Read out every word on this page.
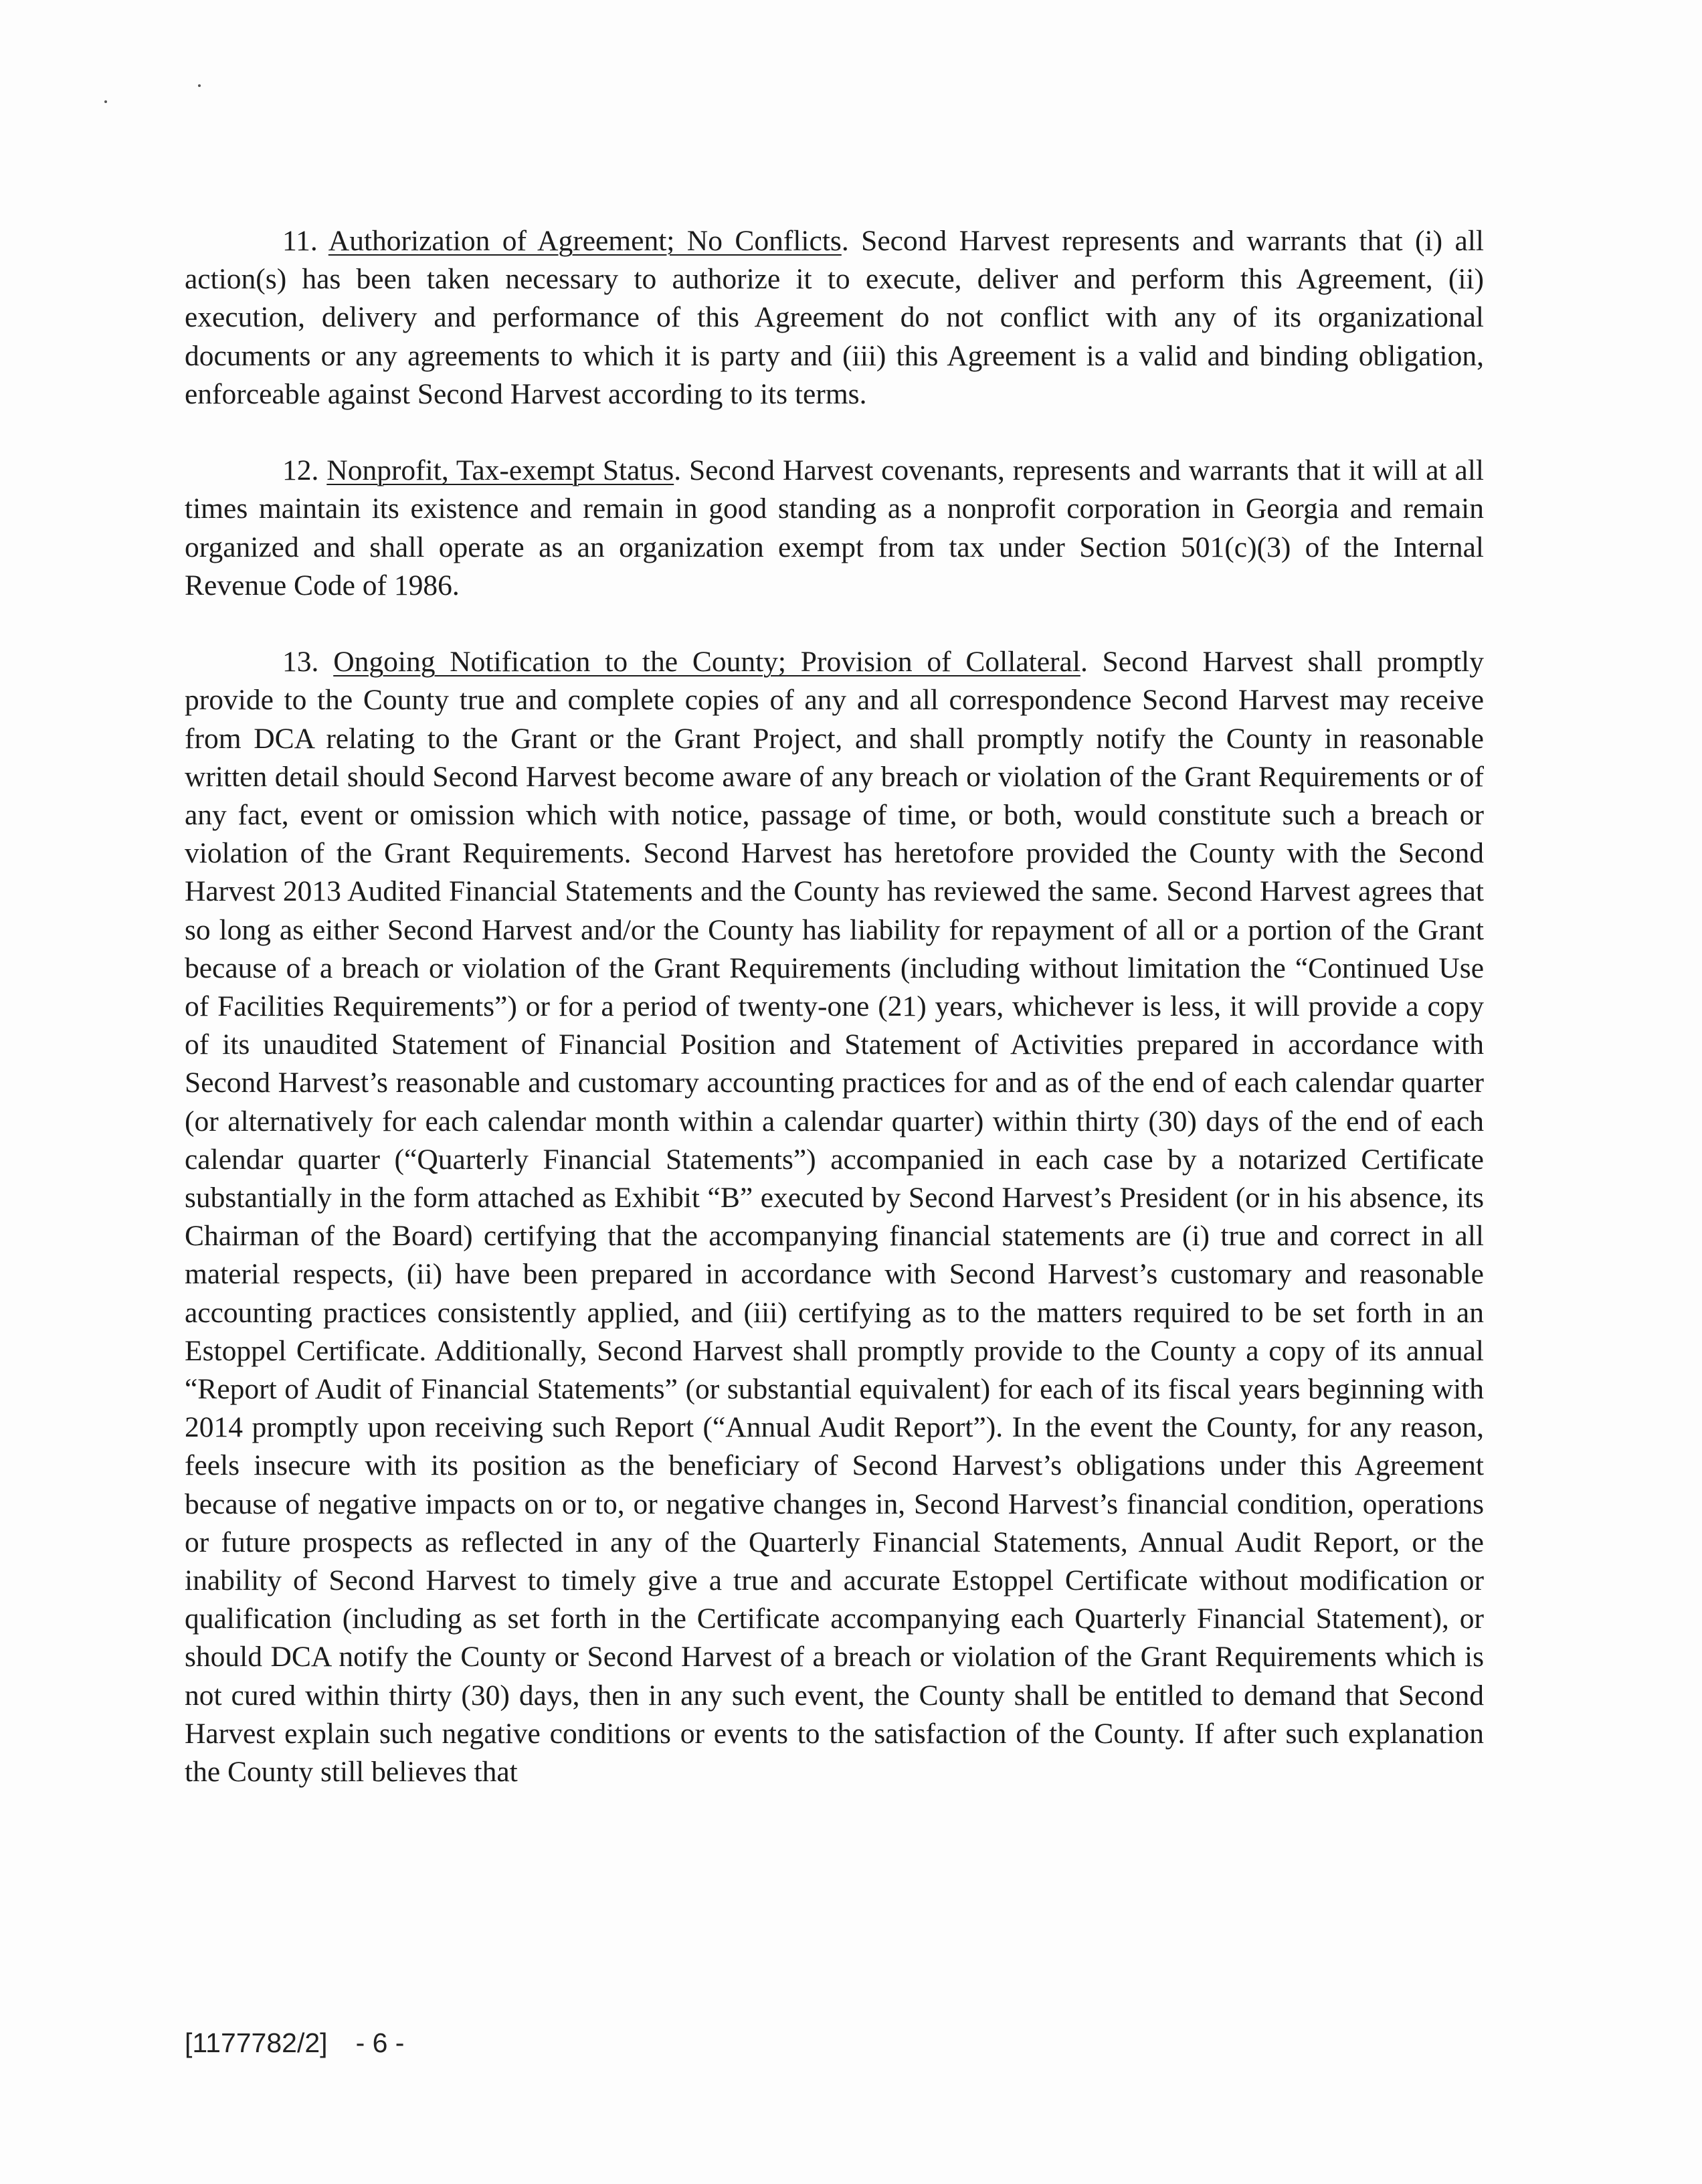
11. Authorization of Agreement; No Conflicts. Second Harvest represents and warrants that (i) all action(s) has been taken necessary to authorize it to execute, deliver and perform this Agreement, (ii) execution, delivery and performance of this Agreement do not conflict with any of its organizational documents or any agreements to which it is party and (iii) this Agreement is a valid and binding obligation, enforceable against Second Harvest according to its terms.

12. Nonprofit, Tax-exempt Status. Second Harvest covenants, represents and warrants that it will at all times maintain its existence and remain in good standing as a nonprofit corporation in Georgia and remain organized and shall operate as an organization exempt from tax under Section 501(c)(3) of the Internal Revenue Code of 1986.

13. Ongoing Notification to the County; Provision of Collateral. Second Harvest shall promptly provide to the County true and complete copies of any and all correspondence Second Harvest may receive from DCA relating to the Grant or the Grant Project, and shall promptly notify the County in reasonable written detail should Second Harvest become aware of any breach or violation of the Grant Requirements or of any fact, event or omission which with notice, passage of time, or both, would constitute such a breach or violation of the Grant Requirements. Second Harvest has heretofore provided the County with the Second Harvest 2013 Audited Financial Statements and the County has reviewed the same. Second Harvest agrees that so long as either Second Harvest and/or the County has liability for repayment of all or a portion of the Grant because of a breach or violation of the Grant Requirements (including without limitation the “Continued Use of Facilities Requirements”) or for a period of twenty-one (21) years, whichever is less, it will provide a copy of its unaudited Statement of Financial Position and Statement of Activities prepared in accordance with Second Harvest’s reasonable and customary accounting practices for and as of the end of each calendar quarter (or alternatively for each calendar month within a calendar quarter) within thirty (30) days of the end of each calendar quarter (“Quarterly Financial Statements”) accompanied in each case by a notarized Certificate substantially in the form attached as Exhibit “B” executed by Second Harvest’s President (or in his absence, its Chairman of the Board) certifying that the accompanying financial statements are (i) true and correct in all material respects, (ii) have been prepared in accordance with Second Harvest’s customary and reasonable accounting practices consistently applied, and (iii) certifying as to the matters required to be set forth in an Estoppel Certificate. Additionally, Second Harvest shall promptly provide to the County a copy of its annual “Report of Audit of Financial Statements” (or substantial equivalent) for each of its fiscal years beginning with 2014 promptly upon receiving such Report (“Annual Audit Report”). In the event the County, for any reason, feels insecure with its position as the beneficiary of Second Harvest’s obligations under this Agreement because of negative impacts on or to, or negative changes in, Second Harvest’s financial condition, operations or future prospects as reflected in any of the Quarterly Financial Statements, Annual Audit Report, or the inability of Second Harvest to timely give a true and accurate Estoppel Certificate without modification or qualification (including as set forth in the Certificate accompanying each Quarterly Financial Statement), or should DCA notify the County or Second Harvest of a breach or violation of the Grant Requirements which is not cured within thirty (30) days, then in any such event, the County shall be entitled to demand that Second Harvest explain such negative conditions or events to the satisfaction of the County. If after such explanation the County still believes that

[1177782/2] - 6 -
